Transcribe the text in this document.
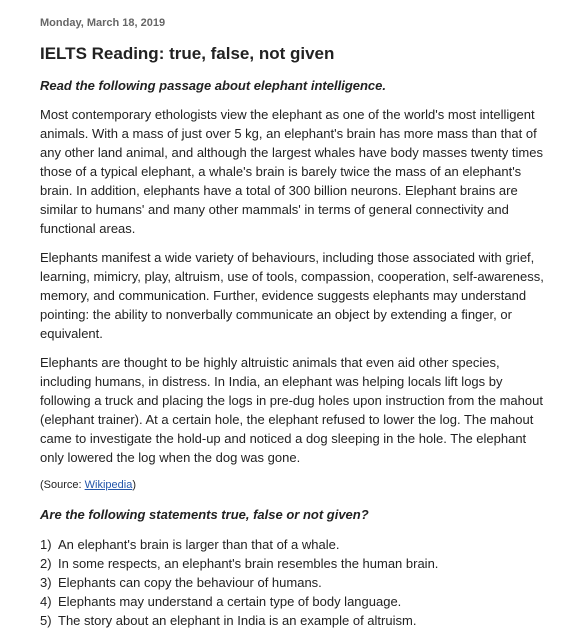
Monday, March 18, 2019

IELTS Reading: true, false, not given

Read the following passage about elephant intelligence.

Most contemporary ethologists view the elephant as one of the world's most intelligent animals. With a mass of just over 5 kg, an elephant's brain has more mass than that of any other land animal, and although the largest whales have body masses twenty times those of a typical elephant, a whale's brain is barely twice the mass of an elephant's brain. In addition, elephants have a total of 300 billion neurons. Elephant brains are similar to humans' and many other mammals' in terms of general connectivity and functional areas.

Elephants manifest a wide variety of behaviours, including those associated with grief, learning, mimicry, play, altruism, use of tools, compassion, cooperation, self-awareness, memory, and communication. Further, evidence suggests elephants may understand pointing: the ability to nonverbally communicate an object by extending a finger, or equivalent.

Elephants are thought to be highly altruistic animals that even aid other species, including humans, in distress. In India, an elephant was helping locals lift logs by following a truck and placing the logs in pre-dug holes upon instruction from the mahout (elephant trainer). At a certain hole, the elephant refused to lower the log. The mahout came to investigate the hold-up and noticed a dog sleeping in the hole. The elephant only lowered the log when the dog was gone.

(Source: Wikipedia)

Are the following statements true, false or not given?

1) An elephant's brain is larger than that of a whale.
2) In some respects, an elephant's brain resembles the human brain.
3) Elephants can copy the behaviour of humans.
4) Elephants may understand a certain type of body language.
5) The story about an elephant in India is an example of altruism.
